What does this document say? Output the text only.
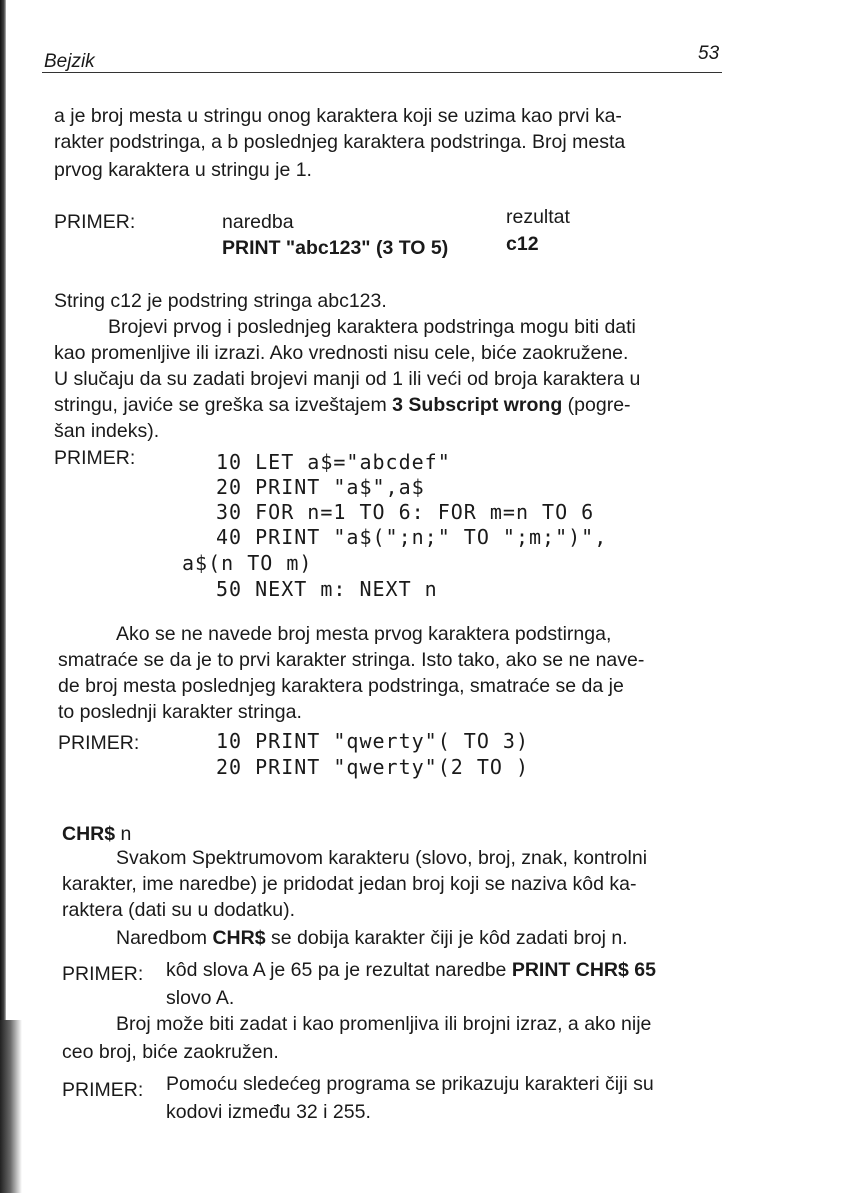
Bejzik	53
a je broj mesta u stringu onog karaktera koji se uzima kao prvi ka-
rakter podstringa, a b poslednjeg karaktera podstringa. Broj mesta
prvog karaktera u stringu je 1.
PRIMER:	naredba	rezultat
PRINT "abc123" (3 TO 5)	c12
String c12 je podstring stringa abc123.
Brojevi prvog i poslednjeg karaktera podstringa mogu biti dati
kao promenljive ili izrazi. Ako vrednosti nisu cele, biće zaokružene.
U slučaju da su zadati brojevi manji od 1 ili veći od broja karaktera u
stringu, javiće se greška sa izveštajem 3 Subscript wrong (pogre-
šan indeks).
PRIMER:	10 LET a$="abcdef"
20 PRINT "a$",a$
30 FOR n=1 TO 6: FOR m=n TO 6
40 PRINT "a$(";n;" TO ";m;")",
a$(n TO m)
50 NEXT m: NEXT n
Ako se ne navede broj mesta prvog karaktera podstirnga,
smatraće se da je to prvi karakter stringa. Isto tako, ako se ne nave-
de broj mesta poslednjeg karaktera podstringa, smatraće se da je
to poslednji karakter stringa.
PRIMER:	10 PRINT "qwerty"( TO 3)
20 PRINT "qwerty"(2 TO )
CHR$ n
Svakom Spektrumovom karakteru (slovo, broj, znak, kontrolni
karakter, ime naredbe) je pridodat jedan broj koji se naziva kôd ka-
raktera (dati su u dodatku).
Naredbom CHR$ se dobija karakter čiji je kôd zadati broj n.
PRIMER: kôd slova A je 65 pa je rezultat naredbe PRINT CHR$ 65
slovo A.
Broj može biti zadat i kao promenljiva ili brojni izraz, a ako nije
ceo broj, biće zaokružen.
PRIMER: Pomoću sledećeg programa se prikazuju karakteri čiji su
kodovi između 32 i 255.
